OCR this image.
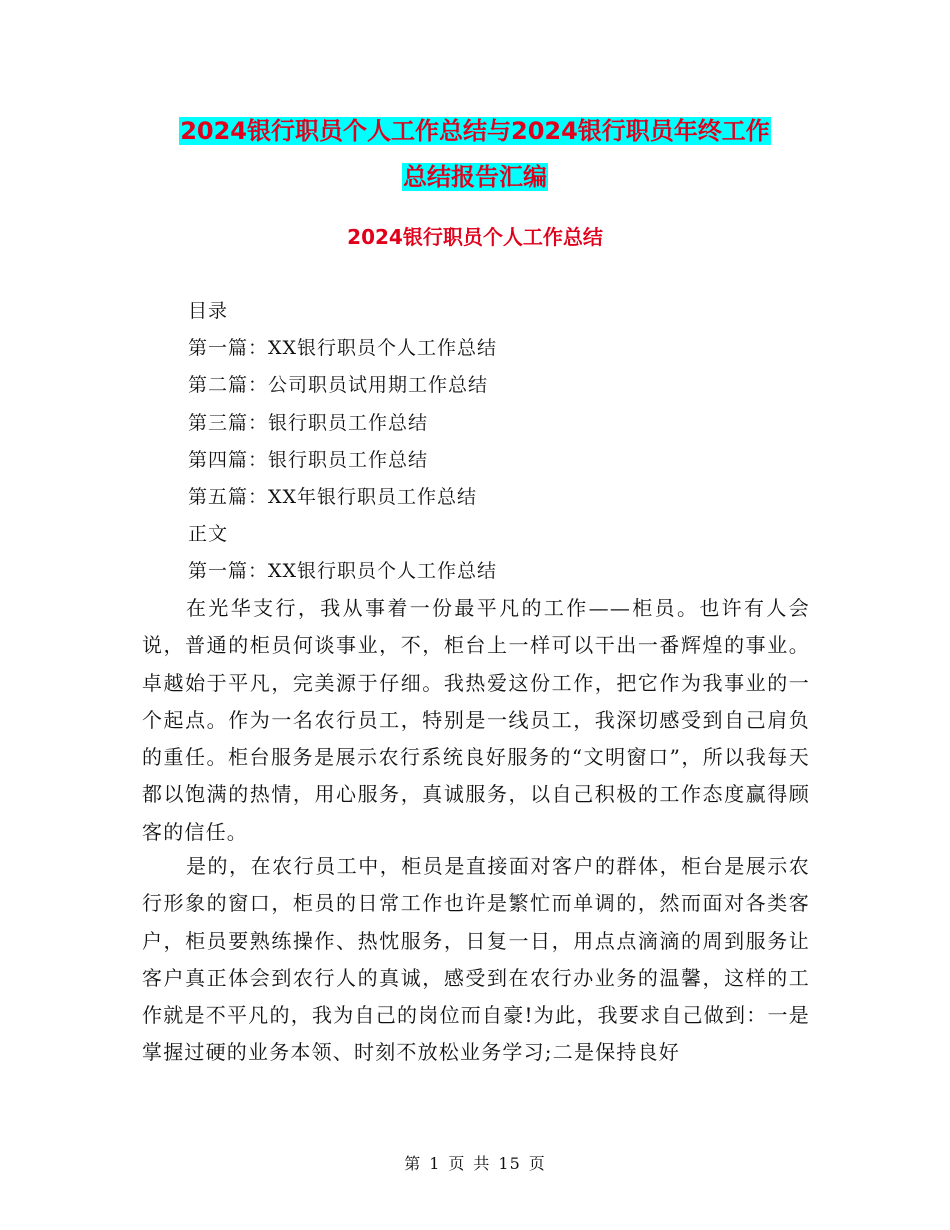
2024银行职员个人工作总结与2024银行职员年终工作
总结报告汇编
2024银行职员个人工作总结
目录
第一篇：XX银行职员个人工作总结
第二篇：公司职员试用期工作总结
第三篇：银行职员工作总结
第四篇：银行职员工作总结
第五篇：XX年银行职员工作总结
正文
第一篇：XX银行职员个人工作总结

在光华支行，我从事着一份最平凡的工作——柜员。也许有人会说，普通的柜员何谈事业，不，柜台上一样可以干出一番辉煌的事业。卓越始于平凡，完美源于仔细。我热爱这份工作，把它作为我事业的一个起点。作为一名农行员工，特别是一线员工，我深切感受到自己肩负的重任。柜台服务是展示农行系统良好服务的“文明窗口”，所以我每天都以饱满的热情，用心服务，真诚服务，以自己积极的工作态度赢得顾客的信任。

是的，在农行员工中，柜员是直接面对客户的群体，柜台是展示农行形象的窗口，柜员的日常工作也许是繁忙而单调的，然而面对各类客户，柜员要熟练操作、热忱服务，日复一日，用点点滴滴的周到服务让客户真正体会到农行人的真诚，感受到在农行办业务的温馨，这样的工作就是不平凡的，我为自己的岗位而自豪!为此，我要求自己做到：一是掌握过硬的业务本领、时刻不放松业务学习;二是保持良好

第 1 页 共 15 页
